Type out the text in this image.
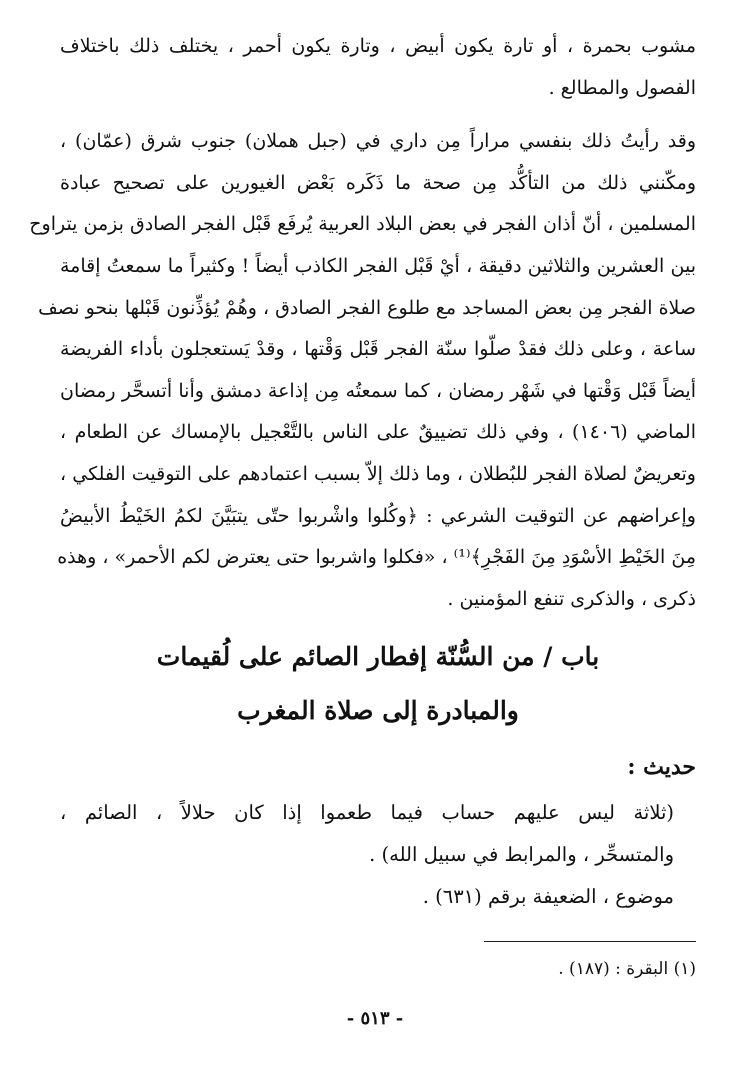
مشوب بحمرة ، أو تارة يكون أبيض ، وتارة يكون أحمر ، يختلف ذلك باختلاف
الفصول والمطالع .
وقد رأيتُ ذلك بنفسي مراراً مِن داري في (جبل هملان) جنوب شرق (عمّان) ،
ومكّنني ذلك من التأكُّد مِن صحة ما ذَكَره بَعْض الغيورين على تصحيح عبادة
المسلمين ، أنّ أذان الفجر في بعض البلاد العربية يُرفَع قَبْل الفجر الصادق بزمن يتراوح
بين العشرين والثلاثين دقيقة ، أيْ قَبْل الفجر الكاذب أيضاً ! وكثيراً ما سمعتُ إقامة
صلاة الفجر مِن بعض المساجد مع طلوع الفجر الصادق ، وهُمْ يُؤذِّنون قَبْلها بنحو نصف
ساعة ، وعلى ذلك فقدْ صلّوا سنّة الفجر قَبْل وَقْتها ، وقدْ يَستعجلون بأداء الفريضة
أيضاً قَبْل وَقْتها في شَهْر رمضان ، كما سمعتُه مِن إذاعة دمشق وأنا أتسحَّر رمضان
الماضي (١٤٠٦) ، وفي ذلك تضييقٌ على الناس بالتَّعْجيل بالإمساك عن الطعام ،
وتعريضٌ لصلاة الفجر للبُطلان ، وما ذلك إلاّ بسبب اعتمادهم على التوقيت الفلكي ،
وإعراضهم عن التوقيت الشرعي : ﴿وكُلوا واشْربوا حتّى يتبَيَّنَ لكمُ الخَيْطُ الأبيضُ
مِنَ الخَيْطِ الأسْوَدِ مِنَ الفَجْرِ﴾⁽¹⁾ ، «فكلوا واشربوا حتى يعترض لكم الأحمر» ، وهذه
ذكرى ، والذكرى تنفع المؤمنين .
باب / من السُّنّة إفطار الصائم على لُقيمات
والمبادرة إلى صلاة المغرب
حديث :
(ثلاثة ليس عليهم حساب فيما طعموا إذا كان حلالاً ، الصائم ،
والمتسحِّر ، والمرابط في سبيل الله) .
موضوع ، الضعيفة برقم (٦٣١) .
(١) البقرة : (١٨٧) .
- ٥١٣ -
